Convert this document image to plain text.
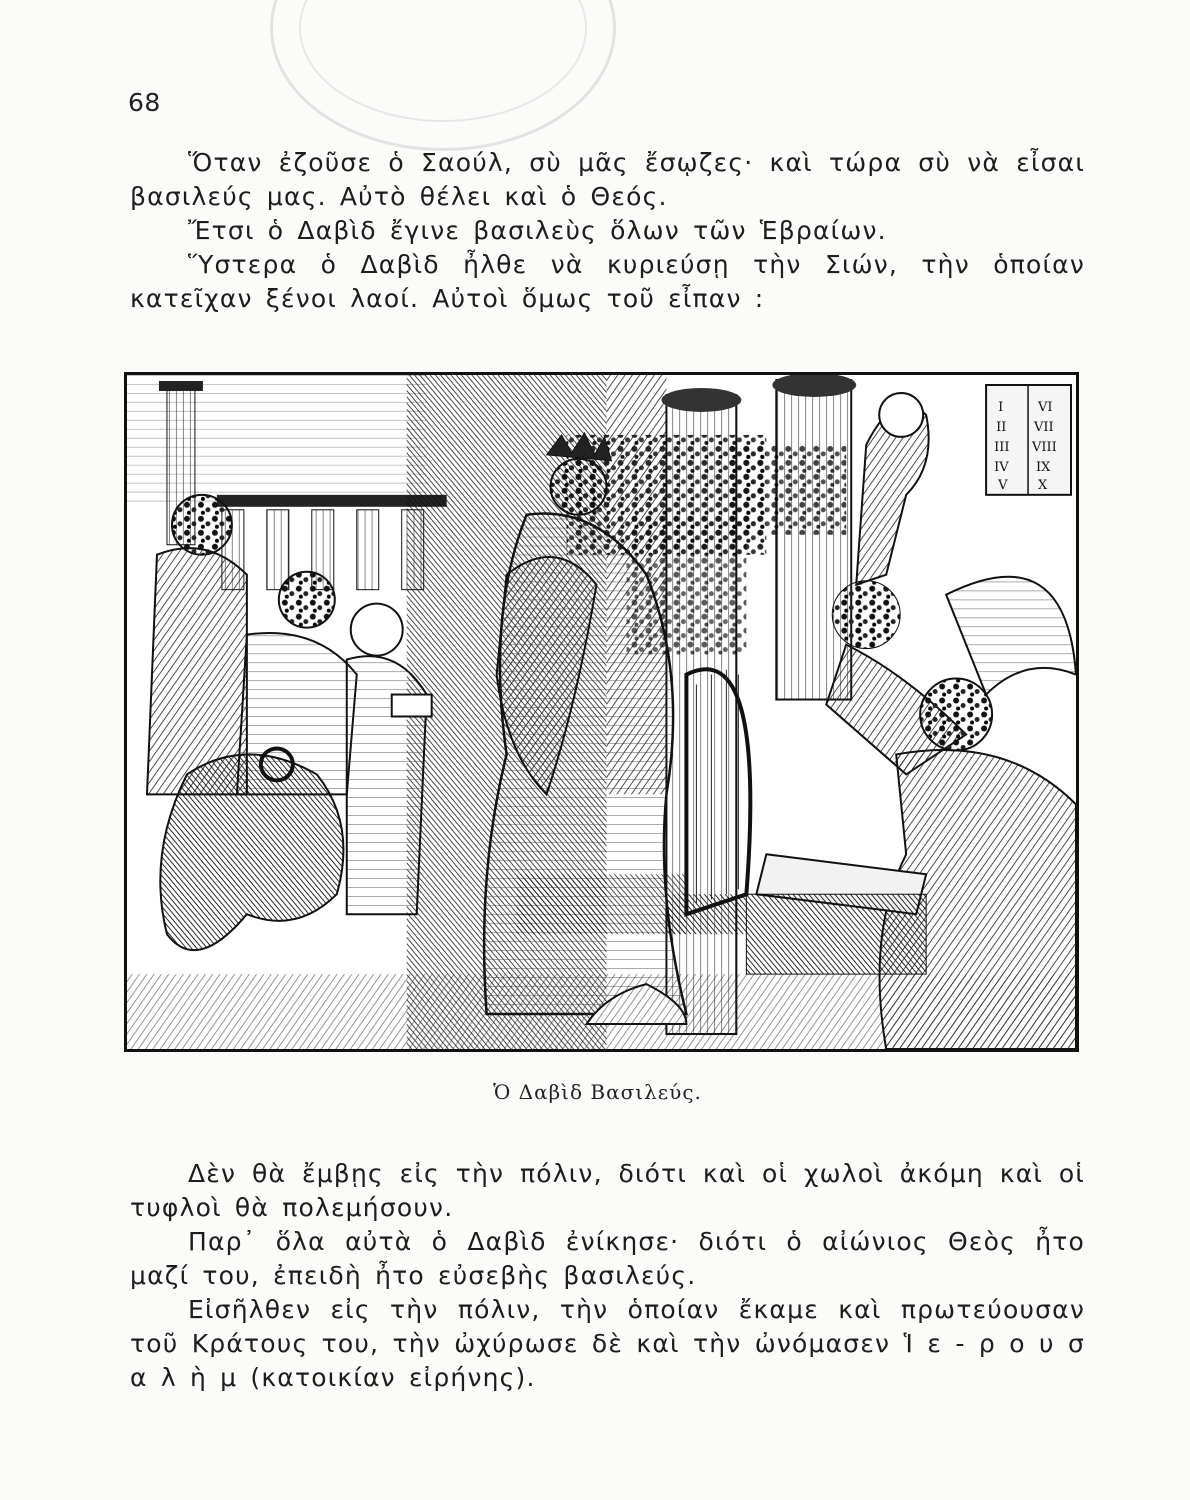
68

Ὅταν ἐζοῦσε ὁ Σαούλ, σὺ μᾶς ἔσῳζες· καὶ τώρα σὺ νὰ εἶσαι βασιλεύς μας. Αὐτὸ θέλει καὶ ὁ Θεός.

Ἔτσι ὁ Δαβὶδ ἔγινε βασιλεὺς ὅλων τῶν Ἑβραίων.

Ὕστερα ὁ Δαβὶδ ἦλθε νὰ κυριεύσῃ τὴν Σιών, τὴν ὁποίαν κατεῖχαν ξένοι λαοί. Αὐτοὶ ὅμως τοῦ εἶπαν :

I	VI
II VII
III VIII
IV IX
V X
Ὁ Δαβὶδ Βασιλεύς.

Δὲν θὰ ἔμβῃς εἰς τὴν πόλιν, διότι καὶ οἱ χωλοὶ ἀκόμη καὶ οἱ τυφλοὶ θὰ πολεμήσουν.

Παρ᾽ ὅλα αὐτὰ ὁ Δαβὶδ ἐνίκησε· διότι ὁ αἰώνιος Θεὸς ἦτο μαζί του, ἐπειδὴ ἦτο εὐσεβὴς βασιλεύς.

Εἰσῆλθεν εἰς τὴν πόλιν, τὴν ὁποίαν ἔκαμε καὶ πρωτεύουσαν τοῦ Κράτους του, τὴν ὠχύρωσε δὲ καὶ τὴν ὠνόμασεν Ἱ ε - ρ ο υ σ α λ ὴ μ (κατοικίαν εἰρήνης).
